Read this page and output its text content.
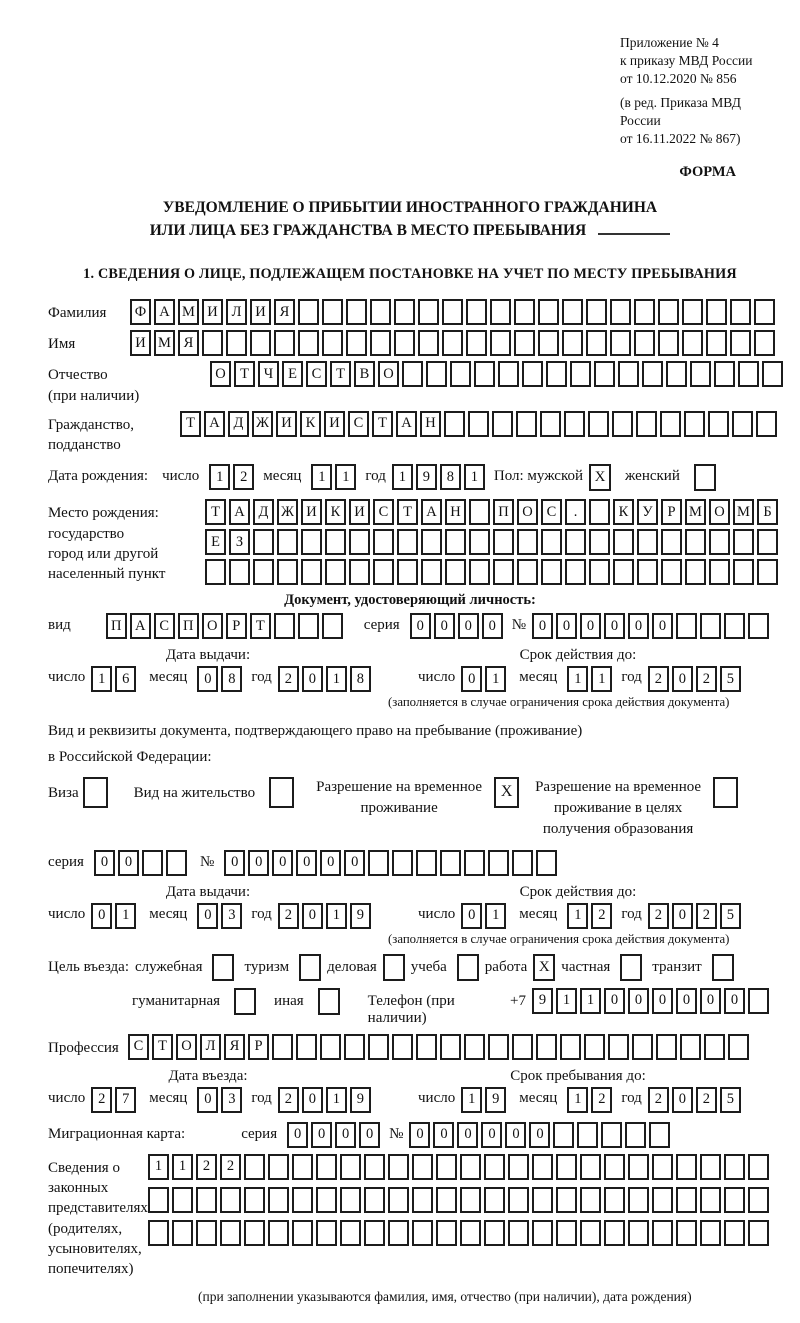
Приложение № 4
к приказу МВД России
от 10.12.2020 № 856
(в ред. Приказа МВД России
от 16.11.2022 № 867)
ФОРМА
УВЕДОМЛЕНИЕ О ПРИБЫТИИ ИНОСТРАННОГО ГРАЖДАНИНА
ИЛИ ЛИЦА БЕЗ ГРАЖДАНСТВА В МЕСТО ПРЕБЫВАНИЯ
1. СВЕДЕНИЯ О ЛИЦЕ, ПОДЛЕЖАЩЕМ ПОСТАНОВКЕ НА УЧЕТ ПО МЕСТУ ПРЕБЫВАНИЯ
Фамилия	Ф А М И Л И Я
Имя	И М Я
Отчество
(при наличии)
О Т	Ч	Е	С	Т	В О
Гражданство,
подданство
Т А Д Ж И К И С	Т А Н
Дата рождения: число	1	2	месяц	1	1	год 1	9	8	1	Пол: мужской X	женский
Место рождения:
государство
город или другой
населенный пункт
Т А Д Ж И К И С	Т А Н	П О С	.	К У	Р М О М Б

Е	З

Документ, удостоверяющий личность:
вид	П А С П О	Р	Т	серия	0	0	0	0	№ 0	0	0	0	0	0
Дата выдачи:
число 1	6	месяц	0	8	год 2	0	1	8
Срок действия до:
число 0	1	месяц	1	1	год 2	0	2	5
(заполняется в случае ограничения срока действия документа)
Вид и реквизиты документа, подтверждающего право на пребывание (проживание)
в Российской Федерации:
Виза	Вид на жительство	Разрешение на временное
проживание
X	Разрешение на временное
проживание в целях
получения образования
серия	0	0	№	0	0	0	0	0	0
Дата выдачи:
число 0	1	месяц	0	3	год 2	0	1	9
Срок действия до:
число 0	1	месяц	1	2	год 2	0	2	5
(заполняется в случае ограничения срока действия документа)
Цель въезда: служебная	туризм	деловая учеба	работа X частная	транзит
гуманитарная	иная	Телефон (при наличии)
+7 9	1	1	0	0	0	0	0	0
Профессия	С	Т О Л Я	Р
Дата въезда:
число 2	7	месяц	0	3	год 2	0	1	9
Срок пребывания до:
число 1	9	месяц	1	2	год 2	0	2	5
Миграционная карта:	серия	0	0	0	0	№ 0	0	0	0	0	0
Сведения о
законных
представителях
(родителях,
усыновителях,
попечителях)
1	1	2	2

(при заполнении указываются фамилия, имя, отчество (при наличии), дата рождения)
